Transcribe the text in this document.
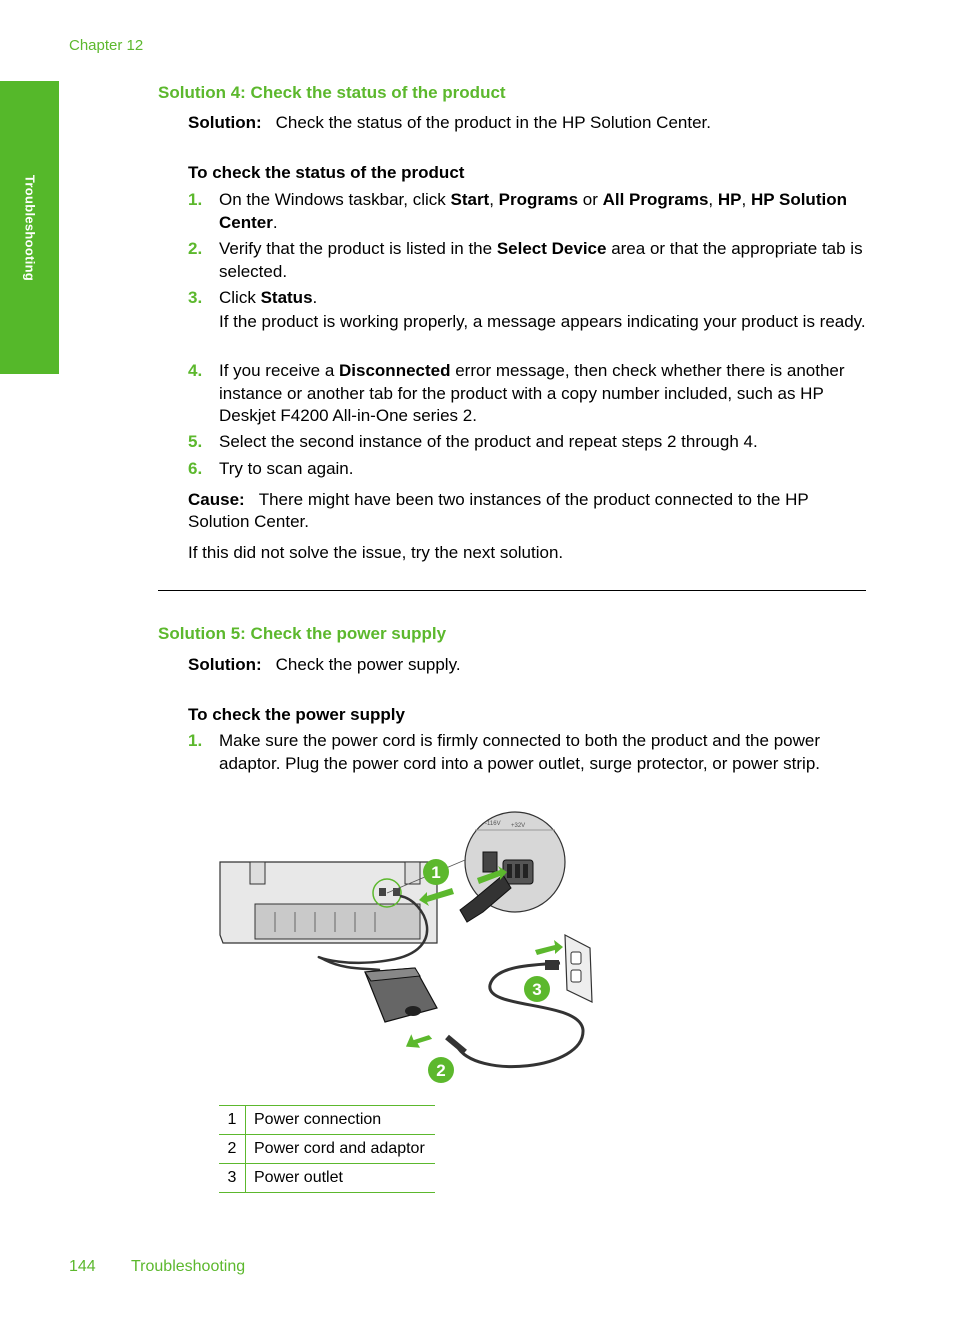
Chapter 12
Troubleshooting
Solution 4: Check the status of the product

Solution: Check the status of the product in the HP Solution Center.

To check the status of the product
1. On the Windows taskbar, click Start, Programs or All Programs, HP, HP Solution Center.
2. Verify that the product is listed in the Select Device area or that the appropriate tab is selected.
3. Click Status.
If the product is working properly, a message appears indicating your product is ready.
4. If you receive a Disconnected error message, then check whether there is another instance or another tab for the product with a copy number included, such as HP Deskjet F4200 All-in-One series 2.
5. Select the second instance of the product and repeat steps 2 through 4.
6. Try to scan again.

Cause: There might have been two instances of the product connected to the HP Solution Center.

If this did not solve the issue, try the next solution.

Solution 5: Check the power supply

Solution: Check the power supply.

To check the power supply
1. Make sure the power cord is firmly connected to both the product and the power adaptor. Plug the power cord into a power outlet, surge protector, or power strip.
-116V +32V
1
2
3
1	Power connection
2	Power cord and adaptor
3	Power outlet
144 Troubleshooting
